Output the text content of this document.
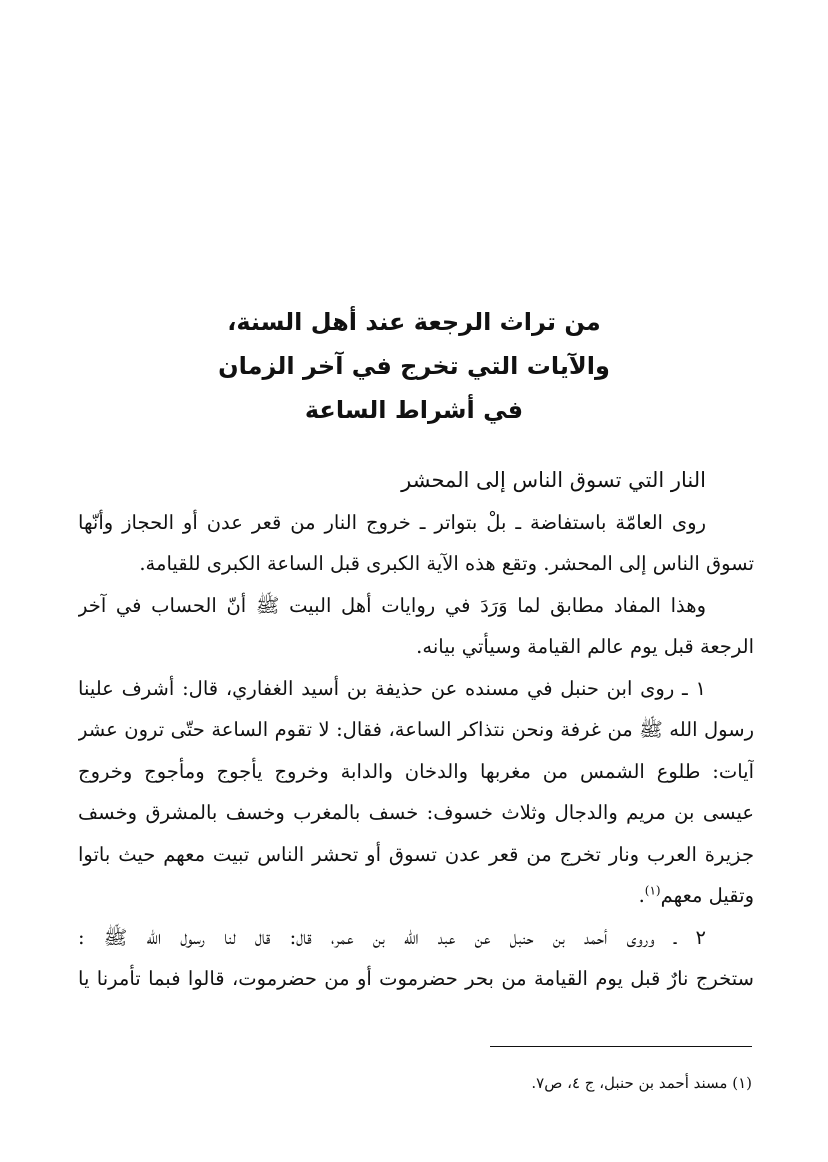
من تراث الرجعة عند أهل السنة،
والآيات التي تخرج في آخر الزمان
في أشراط الساعة
النار التي تسوق الناس إلى المحشر
روى العامّة باستفاضة ـ بلْ بتواتر ـ خروج النار من قعر عدن أو الحجاز وأنّها
تسوق الناس إلى المحشر. وتقع هذه الآية الكبرى قبل الساعة الكبرى للقيامة.
وهذا المفاد مطابق لما وَرَدَ في روايات أهل البيت ﷺ أنّ الحساب في آخر
الرجعة قبل يوم عالم القيامة وسيأتي بيانه.
١ ـ روى ابن حنبل في مسنده عن حذيفة بن أسيد الغفاري، قال: أشرف علينا
رسول الله ﷺ من غرفة ونحن نتذاكر الساعة، فقال: لا تقوم الساعة حتّى ترون عشر
آيات: طلوع الشمس من مغربها والدخان والدابة وخروج يأجوج ومأجوج وخروج
عيسى بن مريم والدجال وثلاث خسوف: خسف بالمغرب وخسف بالمشرق وخسف
جزيرة العرب ونار تخرج من قعر عدن تسوق أو تحشر الناس تبيت معهم حيث باتوا
وتقيل معهم$^{(١)}$.
٢ ـ وروى أحمد بن حنبل عن عبد الله بن عمر، قال: قال لنا رسول الله ﷺ :
ستخرج نارٌ قبل يوم القيامة من بحر حضرموت أو من حضرموت، قالوا فبما تأمرنا يا
(١) مسند أحمد بن حنبل، ج ٤، ص٧.
